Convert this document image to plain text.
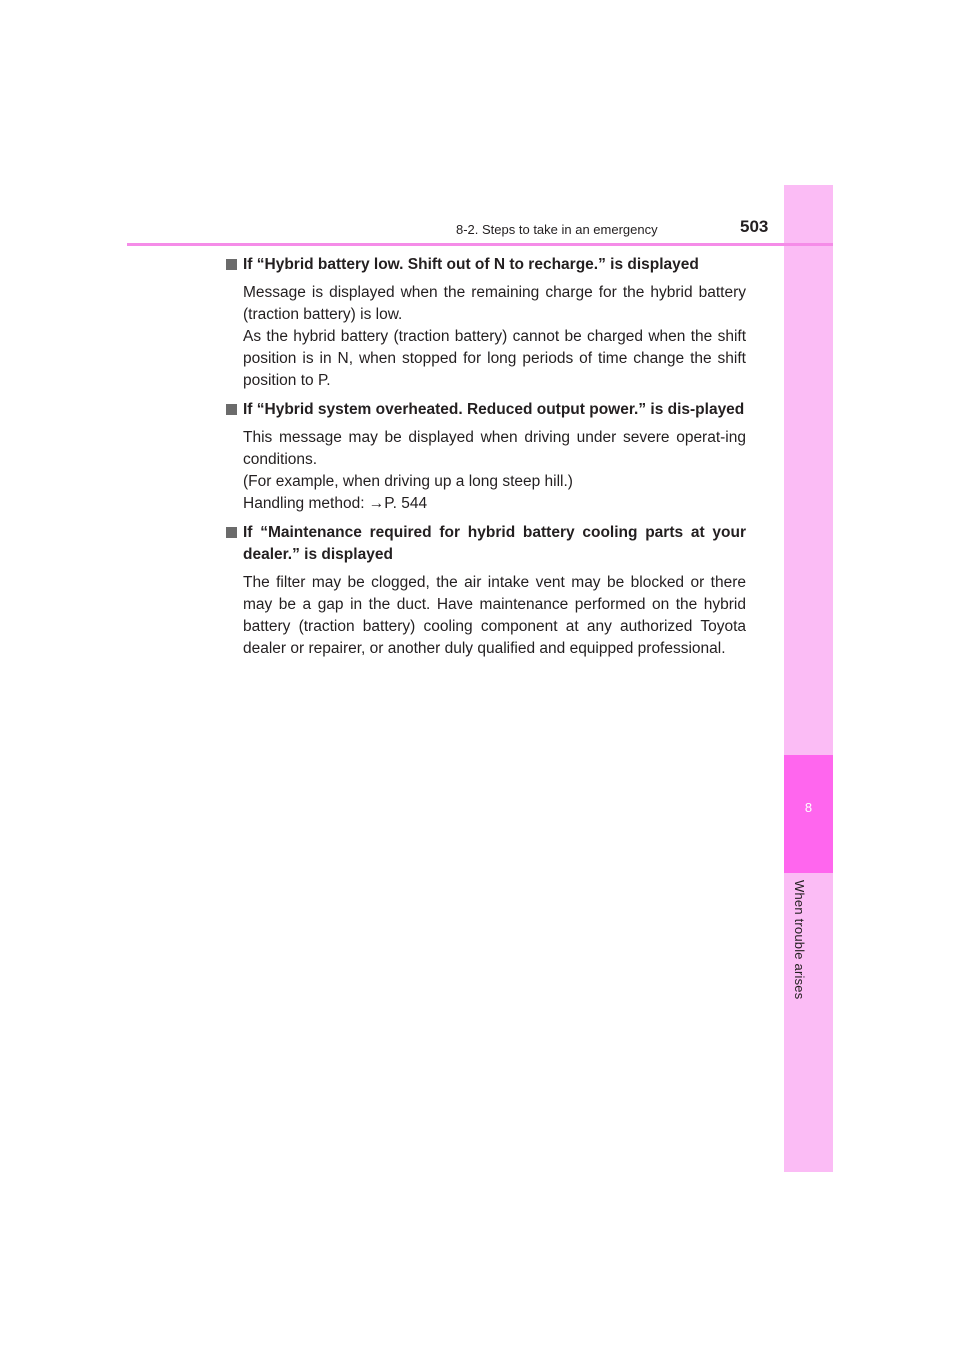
8
When trouble arises
8-2. Steps to take in an emergency	503
If “Hybrid battery low. Shift out of N to recharge.” is displayed

Message is displayed when the remaining charge for the hybrid battery (traction battery) is low.

As the hybrid battery (traction battery) cannot be charged when the shift position is in N, when stopped for long periods of time change the shift position to P.

If “Hybrid system overheated. Reduced output power.” is dis-played

This message may be displayed when driving under severe operat-ing conditions.

(For example, when driving up a long steep hill.)

Handling method: →P. 544

If “Maintenance required for hybrid battery cooling parts at your dealer.” is displayed

The filter may be clogged, the air intake vent may be blocked or there may be a gap in the duct. Have maintenance performed on the hybrid battery (traction battery) cooling component at any authorized Toyota dealer or repairer, or another duly qualified and equipped professional.
